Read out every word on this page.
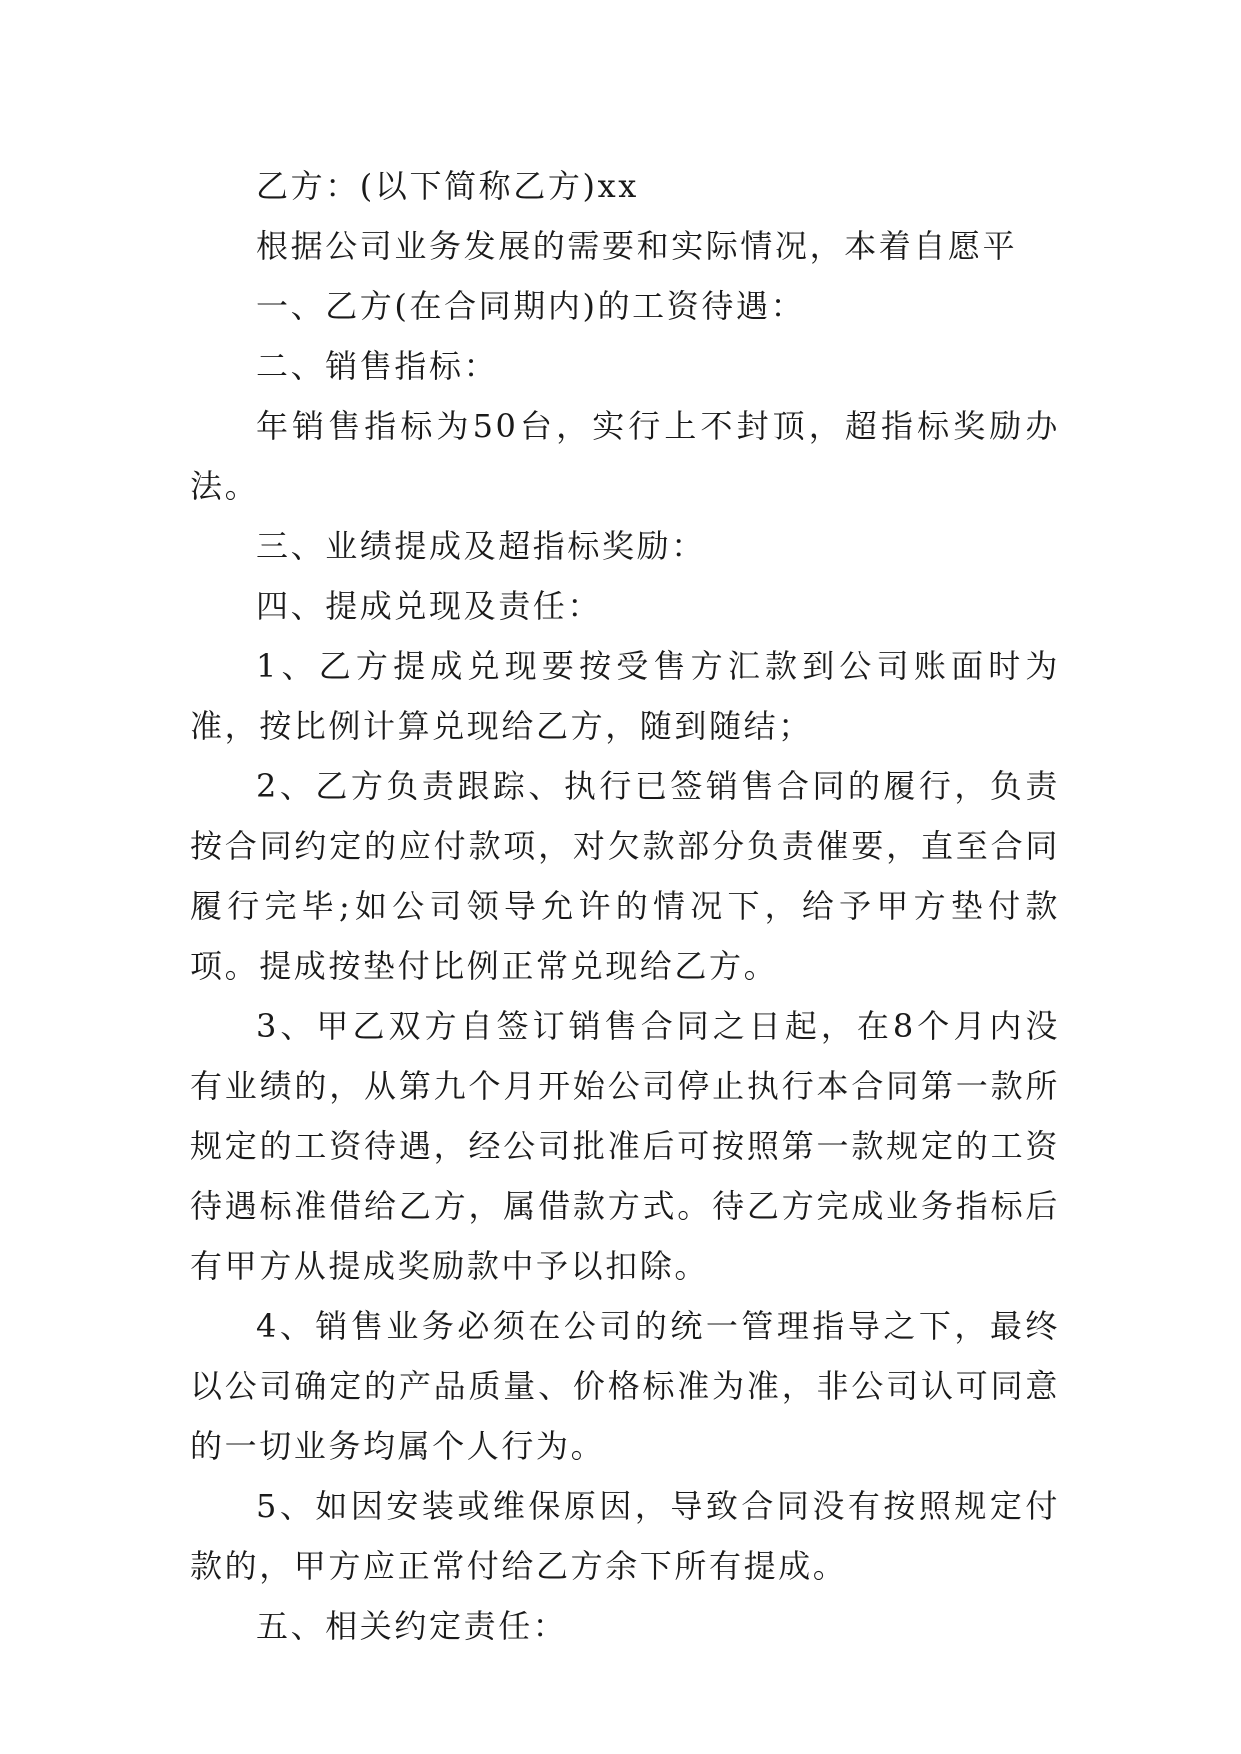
乙方：(以下简称乙方)xx

根据公司业务发展的需要和实际情况，本着自愿平

一、乙方(在合同期内)的工资待遇：

二、销售指标：

年销售指标为50台，实行上不封顶，超指标奖励办法。

三、业绩提成及超指标奖励：

四、提成兑现及责任：

1、乙方提成兑现要按受售方汇款到公司账面时为准，按比例计算兑现给乙方，随到随结；

2、乙方负责跟踪、执行已签销售合同的履行，负责按合同约定的应付款项，对欠款部分负责催要，直至合同履行完毕;如公司领导允许的情况下，给予甲方垫付款项。提成按垫付比例正常兑现给乙方。

3、甲乙双方自签订销售合同之日起，在8个月内没有业绩的，从第九个月开始公司停止执行本合同第一款所规定的工资待遇，经公司批准后可按照第一款规定的工资待遇标准借给乙方，属借款方式。待乙方完成业务指标后有甲方从提成奖励款中予以扣除。

4、销售业务必须在公司的统一管理指导之下，最终以公司确定的产品质量、价格标准为准，非公司认可同意的一切业务均属个人行为。

5、如因安装或维保原因，导致合同没有按照规定付款的，甲方应正常付给乙方余下所有提成。

五、相关约定责任：
